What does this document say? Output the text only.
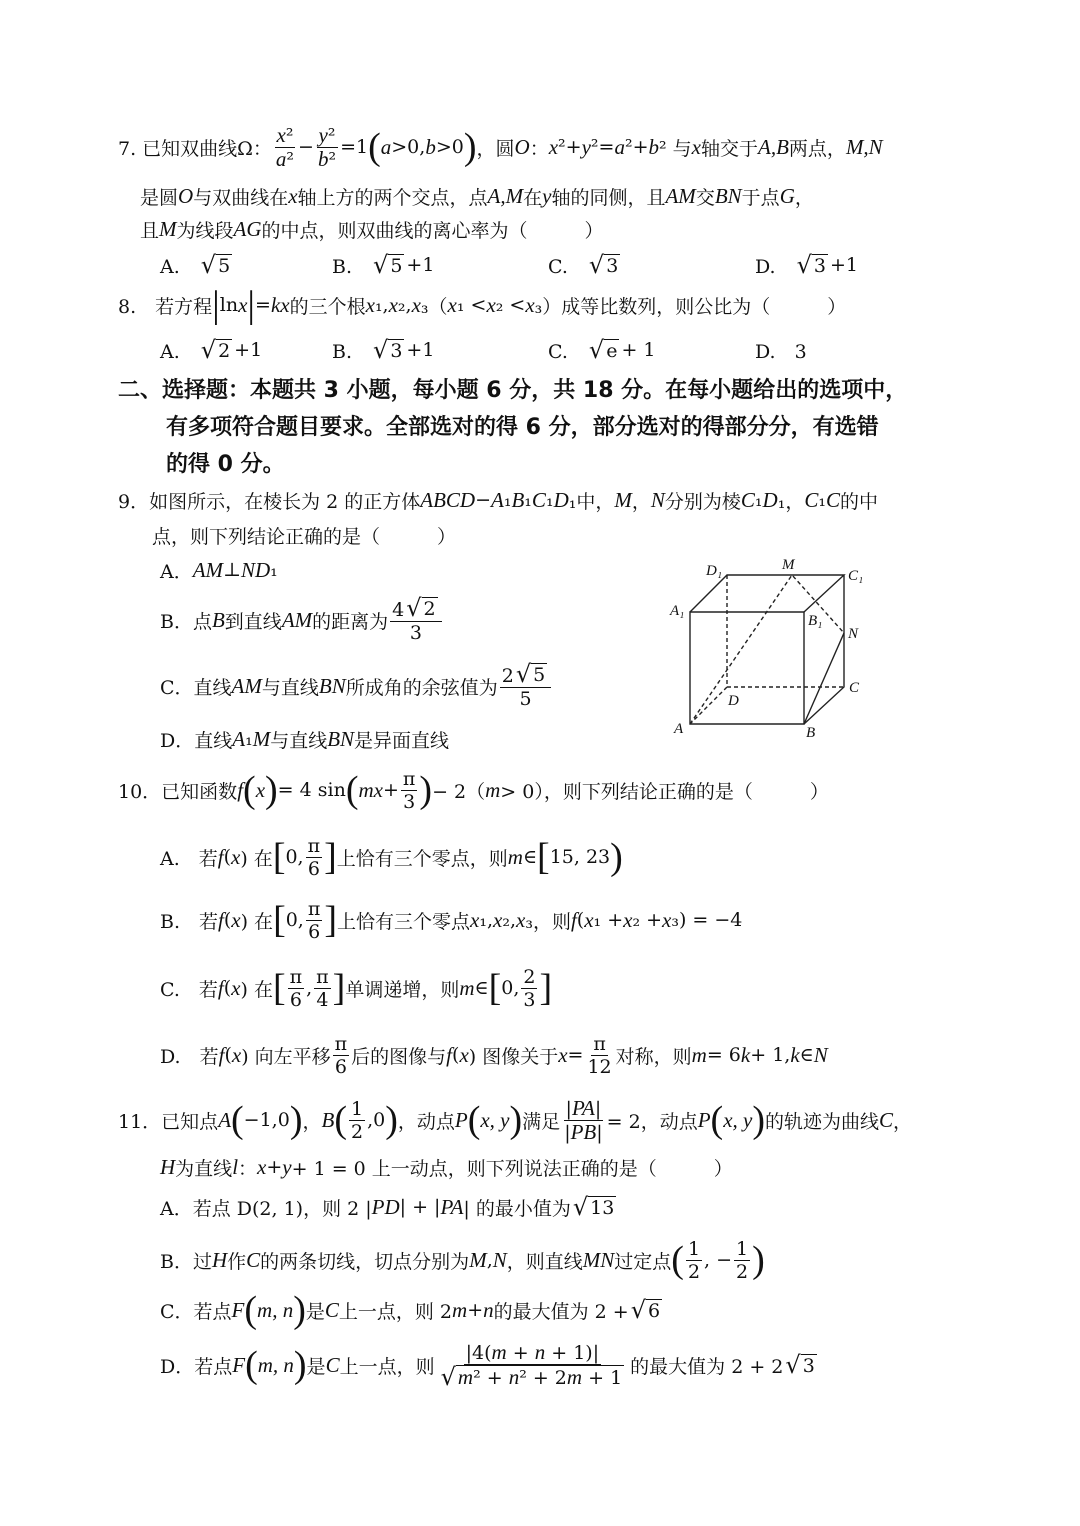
7. 已知双曲线Ω： $\frac{\text{x²}}{\text{a²}} - \frac{\text{y²}}{\text{b²}} =1$ ( a >0, b >0 ) ，圆 O ： x ²+ y ²= a ²+ b ² 与 x 轴交于 A,B 两点， M,N
是圆 O 与双曲线在 x 轴上方的两个交点，点 A,M 在 y 轴的同侧，且 AM 交 BN 于点 G ，
且 M 为线段 AG 的中点，则双曲线的离心率为（　　　）
A.　 √ 5	B.　 √ 5 +1	C.　 √ 3	D.　 √ 3 +1
8.　若方程 | ln x | = kx 的三个根 x ₁, x ₂, x ₃（ x ₁ < x ₂ < x ₃）成等比数列，则公比为（　　　）
A.　 √ 2 +1	B.　 √ 3 +1	C.　 √ e + 1	D.　3
二、选择题：本题共 3 小题，每小题 6 分，共 18 分。在每小题给出的选项中，
有多项符合题目要求。全部选对的得 6 分，部分选对的得部分分，有选错
的得 0 分。
9．如图所示，在棱长为 2 的正方体 ABCD − A ₁ B ₁ C ₁ D ₁中， M ， N 分别为棱 C ₁ D ₁， C ₁ C 的中
点，则下列结论正确的是（　　　）
A． AM ⊥ ND ₁
B．点 B 到直线 AM 的距离为 $\frac{4 √ 2}{3}$
C．直线 AM 与直线 BN 所成角的余弦值为 $\frac{2 √ 5}{5}$
D．直线 A ₁ M 与直线 BN 是异面直线
D₁	M
C₁
A₁
B₁
N
D
C
A	B
10．已知函数 f ( x ) = 4 sin ( mx + $\frac{\pi}{3}$ ) − 2（ m > 0），则下列结论正确的是（　　　）
A.　若 f ( x ) 在 [ 0, $\frac{\pi}{6}$ ] 上恰有三个零点，则 m ∈ [ 15, 23 )
B.　若 f ( x ) 在 [ 0, $\frac{\pi}{6}$ ] 上恰有三个零点 x ₁, x ₂, x ₃，则 f ( x ₁ + x ₂ + x ₃) = −4
C.　若 f ( x ) 在 [ $\frac{\pi}{6}$ , $\frac{\pi}{4}$ ] 单调递增，则 m ∈ [ 0, $\frac{2}{3}$ ]
D.　若 f ( x ) 向左平移 $\frac{\pi}{6}$ 后的图像与 f ( x ) 图像关于 $x = \frac{\pi}{12}$ 对称，则 m = 6 k + 1, k ∈ N
11．已知点 A ( −1,0 ) ， B ( $\frac{1}{2} ,0$ ) ，动点 P ( x, y ) 满足 $\frac{|PA|}{|PB|} = 2$，动点 P ( x, y ) 的轨迹为曲线 C ，
H 为直线 l ： x + y + 1 = 0 上一动点，则下列说法正确的是（　　　）
A．若点 D(2, 1)，则 2 | PD | + | PA | 的最小值为 √ 13
B．过 H 作 C 的两条切线，切点分别为 M , N ，则直线 MN 过定点 ( $\frac{1}{2}$ , − $\frac{1}{2}$ )
C．若点 F ( m, n ) 是 C 上一点，则 2 m + n 的最大值为 2 + √ 6
D．若点 F ( m, n ) 是 C 上一点，则 $\frac{|4(m + n + 1)|}{\text{√ m² + n² + 2m + 1}}$ 的最大值为 2 + 2 √ 3
